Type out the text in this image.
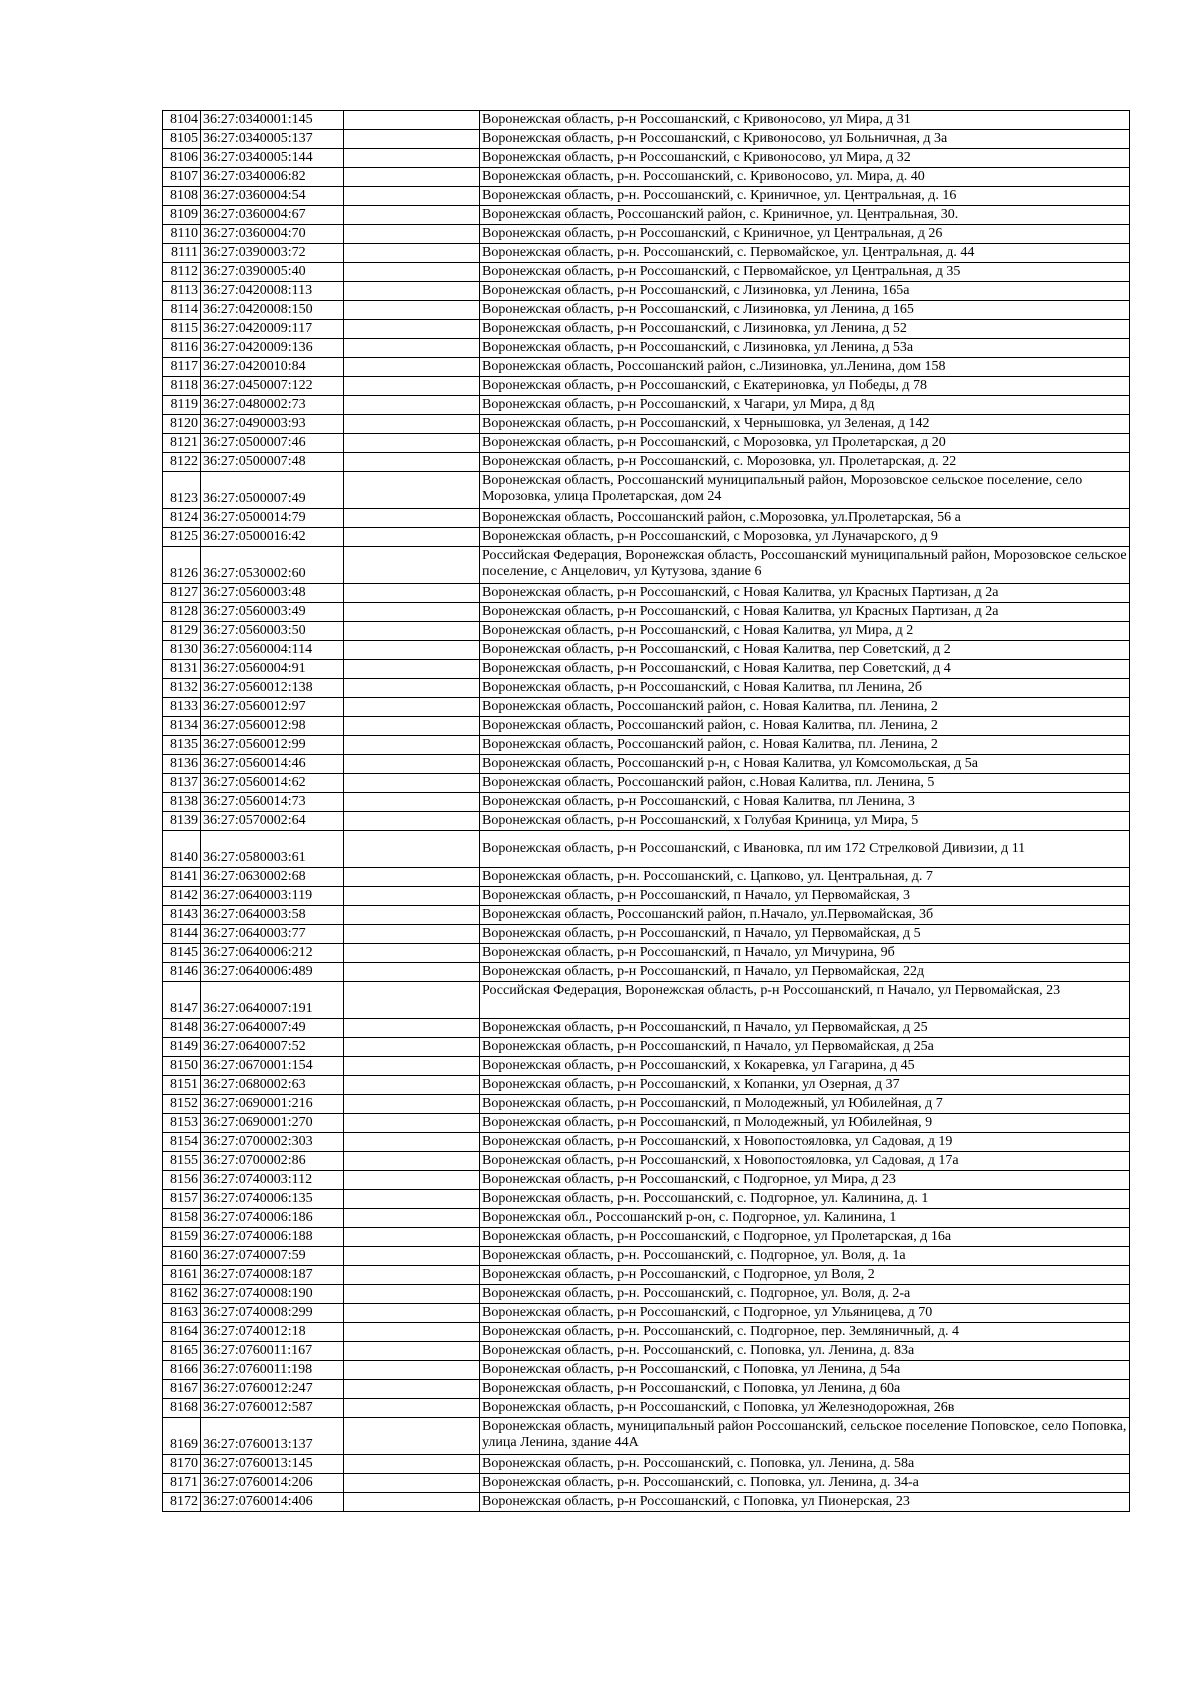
8104	36:27:0340001:145		Воронежская область, р-н Россошанский, с Кривоносово, ул Мира, д 31
8105	36:27:0340005:137		Воронежская область, р-н Россошанский, с Кривоносово, ул Больничная, д 3а
8106	36:27:0340005:144		Воронежская область, р-н Россошанский, с Кривоносово, ул Мира, д 32
8107	36:27:0340006:82		Воронежская область, р-н. Россошанский, с. Кривоносово, ул. Мира, д. 40
8108	36:27:0360004:54		Воронежская область, р-н. Россошанский, с. Криничное, ул. Центральная, д. 16
8109	36:27:0360004:67		Воронежская область, Россошанский район, с. Криничное, ул. Центральная, 30.
8110	36:27:0360004:70		Воронежская область, р-н Россошанский, с Криничное, ул Центральная, д 26
8111	36:27:0390003:72		Воронежская область, р-н. Россошанский, с. Первомайское, ул. Центральная, д. 44
8112	36:27:0390005:40		Воронежская область, р-н Россошанский, с Первомайское, ул Центральная, д 35
8113	36:27:0420008:113		Воронежская область, р-н Россошанский, с Лизиновка, ул Ленина, 165а
8114	36:27:0420008:150		Воронежская область, р-н Россошанский, с Лизиновка, ул Ленина, д 165
8115	36:27:0420009:117		Воронежская область, р-н Россошанский, с Лизиновка, ул Ленина, д 52
8116	36:27:0420009:136		Воронежская область, р-н Россошанский, с Лизиновка, ул Ленина, д 53а
8117	36:27:0420010:84		Воронежская область, Россошанский район, с.Лизиновка, ул.Ленина, дом 158
8118	36:27:0450007:122		Воронежская область, р-н Россошанский, с Екатериновка, ул Победы, д 78
8119	36:27:0480002:73		Воронежская область, р-н Россошанский, х Чагари, ул Мира, д 8д
8120	36:27:0490003:93		Воронежская область, р-н Россошанский, х Чернышовка, ул Зеленая, д 142
8121	36:27:0500007:46		Воронежская область, р-н Россошанский, с Морозовка, ул Пролетарская, д 20
8122	36:27:0500007:48		Воронежская область, р-н Россошанский, с. Морозовка, ул. Пролетарская, д. 22
8123	36:27:0500007:49		Воронежская область, Россошанский муниципальный район, Морозовское сельское поселение, село Морозовка, улица Пролетарская, дом 24
8124	36:27:0500014:79		Воронежская область, Россошанский район, с.Морозовка, ул.Пролетарская, 56 а
8125	36:27:0500016:42		Воронежская область, р-н Россошанский, с Морозовка, ул Луначарского, д 9
8126	36:27:0530002:60		Российская Федерация, Воронежская область, Россошанский муниципальный район, Морозовское сельское поселение, с Анцелович, ул Кутузова, здание 6
8127	36:27:0560003:48		Воронежская область, р-н Россошанский, с Новая Калитва, ул Красных Партизан, д 2а
8128	36:27:0560003:49		Воронежская область, р-н Россошанский, с Новая Калитва, ул Красных Партизан, д 2а
8129	36:27:0560003:50		Воронежская область, р-н Россошанский, с Новая Калитва, ул Мира, д 2
8130	36:27:0560004:114		Воронежская область, р-н Россошанский, с Новая Калитва, пер Советский, д 2
8131	36:27:0560004:91		Воронежская область, р-н Россошанский, с Новая Калитва, пер Советский, д 4
8132	36:27:0560012:138		Воронежская область, р-н Россошанский, с Новая Калитва, пл Ленина, 2б
8133	36:27:0560012:97		Воронежская область, Россошанский район, с. Новая Калитва, пл. Ленина, 2
8134	36:27:0560012:98		Воронежская область, Россошанский район, с. Новая Калитва, пл. Ленина, 2
8135	36:27:0560012:99		Воронежская область, Россошанский район, с. Новая Калитва, пл. Ленина, 2
8136	36:27:0560014:46		Воронежская область, Россошанский р-н, с Новая Калитва, ул Комсомольская, д 5а
8137	36:27:0560014:62		Воронежская область, Россошанский район, с.Новая Калитва, пл. Ленина, 5
8138	36:27:0560014:73		Воронежская область, р-н Россошанский, с Новая Калитва, пл Ленина, 3
8139	36:27:0570002:64		Воронежская область, р-н Россошанский, х Голубая Криница, ул Мира, 5
8140	36:27:0580003:61		Воронежская область, р-н Россошанский, с Ивановка, пл им 172 Стрелковой Дивизии, д 11
8141	36:27:0630002:68		Воронежская область, р-н. Россошанский, с. Цапково, ул. Центральная, д. 7
8142	36:27:0640003:119		Воронежская область, р-н Россошанский, п Начало, ул Первомайская, 3
8143	36:27:0640003:58		Воронежская область, Россошанский район, п.Начало, ул.Первомайская, 3б
8144	36:27:0640003:77		Воронежская область, р-н Россошанский, п Начало, ул Первомайская, д 5
8145	36:27:0640006:212		Воронежская область, р-н Россошанский, п Начало, ул Мичурина, 9б
8146	36:27:0640006:489		Воронежская область, р-н Россошанский, п Начало, ул Первомайская, 22д
8147	36:27:0640007:191		Российская Федерация, Воронежская область, р-н Россошанский, п Начало, ул Первомайская, 23
8148	36:27:0640007:49		Воронежская область, р-н Россошанский, п Начало, ул Первомайская, д 25
8149	36:27:0640007:52		Воронежская область, р-н Россошанский, п Начало, ул Первомайская, д 25а
8150	36:27:0670001:154		Воронежская область, р-н Россошанский, х Кокаревка, ул Гагарина, д 45
8151	36:27:0680002:63		Воронежская область, р-н Россошанский, х Копанки, ул Озерная, д 37
8152	36:27:0690001:216		Воронежская область, р-н Россошанский, п Молодежный, ул Юбилейная, д 7
8153	36:27:0690001:270		Воронежская область, р-н Россошанский, п Молодежный, ул Юбилейная, 9
8154	36:27:0700002:303		Воронежская область, р-н Россошанский, х Новопостояловка, ул Садовая, д 19
8155	36:27:0700002:86		Воронежская область, р-н Россошанский, х Новопостояловка, ул Садовая, д 17а
8156	36:27:0740003:112		Воронежская область, р-н Россошанский, с Подгорное, ул Мира, д 23
8157	36:27:0740006:135		Воронежская область, р-н. Россошанский, с. Подгорное, ул. Калинина, д. 1
8158	36:27:0740006:186		Воронежская обл., Россошанский р-он, с. Подгорное, ул. Калинина, 1
8159	36:27:0740006:188		Воронежская область, р-н Россошанский, с Подгорное, ул Пролетарская, д 16а
8160	36:27:0740007:59		Воронежская область, р-н. Россошанский, с. Подгорное, ул. Воля, д. 1а
8161	36:27:0740008:187		Воронежская область, р-н Россошанский, с Подгорное, ул Воля, 2
8162	36:27:0740008:190		Воронежская область, р-н. Россошанский, с. Подгорное, ул. Воля, д. 2-а
8163	36:27:0740008:299		Воронежская область, р-н Россошанский, с Подгорное, ул Ульяницева, д 70
8164	36:27:0740012:18		Воронежская область, р-н. Россошанский, с. Подгорное, пер. Земляничный, д. 4
8165	36:27:0760011:167		Воронежская область, р-н. Россошанский, с. Поповка, ул. Ленина, д. 83а
8166	36:27:0760011:198		Воронежская область, р-н Россошанский, с Поповка, ул Ленина, д 54а
8167	36:27:0760012:247		Воронежская область, р-н Россошанский, с Поповка, ул Ленина, д 60а
8168	36:27:0760012:587		Воронежская область, р-н Россошанский, с Поповка, ул Железнодорожная, 26в
8169	36:27:0760013:137		Воронежская область, муниципальный район Россошанский, сельское поселение Поповское, село Поповка, улица Ленина, здание 44А
8170	36:27:0760013:145		Воронежская область, р-н. Россошанский, с. Поповка, ул. Ленина, д. 58а
8171	36:27:0760014:206		Воронежская область, р-н. Россошанский, с. Поповка, ул. Ленина, д. 34-а
8172	36:27:0760014:406		Воронежская область, р-н Россошанский, с Поповка, ул Пионерская, 23
